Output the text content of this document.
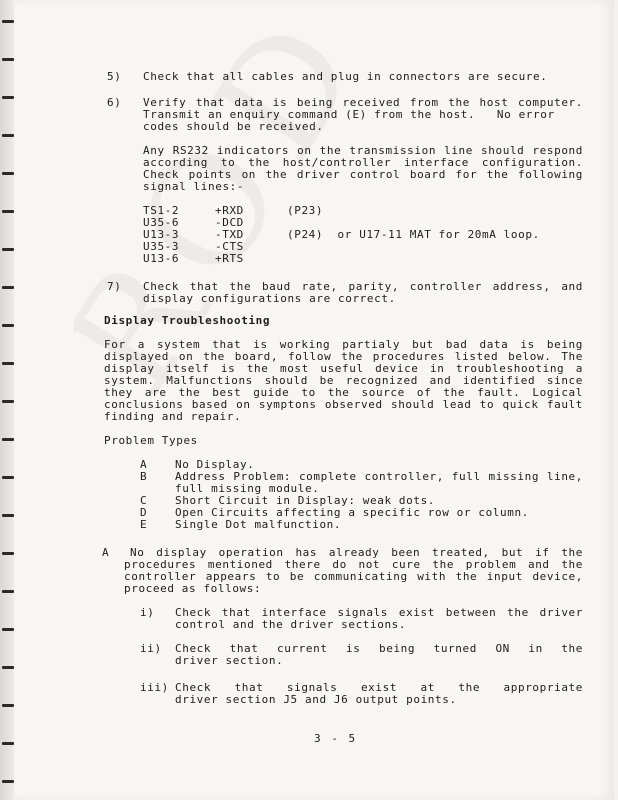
5) Check that all cables and plug in connectors are secure.
6) Verify that data is being received from the host computer.
Transmit an enquiry command (E) from the host.   No error
codes should be received.
Any RS232 indicators on the transmission line should respond
according to the host/controller interface configuration.
Check points on the driver control board for the following
signal lines:-
TS1-2	+RXD	(P23)
U35-6	-DCD
U13-3	-TXD	(P24)  or U17-11 MAT for 20mA loop.
U35-3	-CTS
U13-6	+RTS
7) Check that the baud rate, parity, controller address, and
display configurations are correct.
Display Troubleshooting
For a system that is working partialy but bad data is being
displayed on the board, follow the procedures listed below. The
display itself is the most useful device in troubleshooting a
system. Malfunctions should be recognized and identified since
they are the best guide to the source of the fault. Logical
conclusions based on symptons observed should lead to quick fault
finding and repair.
Problem Types
A	No Display.
B	Address Problem: complete controller, full missing line,
full missing module.
C	Short Circuit in Display: weak dots.
D	Open Circuits affecting a specific row or column.
E	Single Dot malfunction.
A No display operation has already been treated, but if the
procedures mentioned there do not cure the problem and the
controller appears to be communicating with the input device,
proceed as follows:
i) Check that interface signals exist between the driver
control and the driver sections.
ii) Check that current is being turned ON in the
driver section.
iii) Check that signals exist at the appropriate
driver section J5 and J6 output points.
3 - 5
